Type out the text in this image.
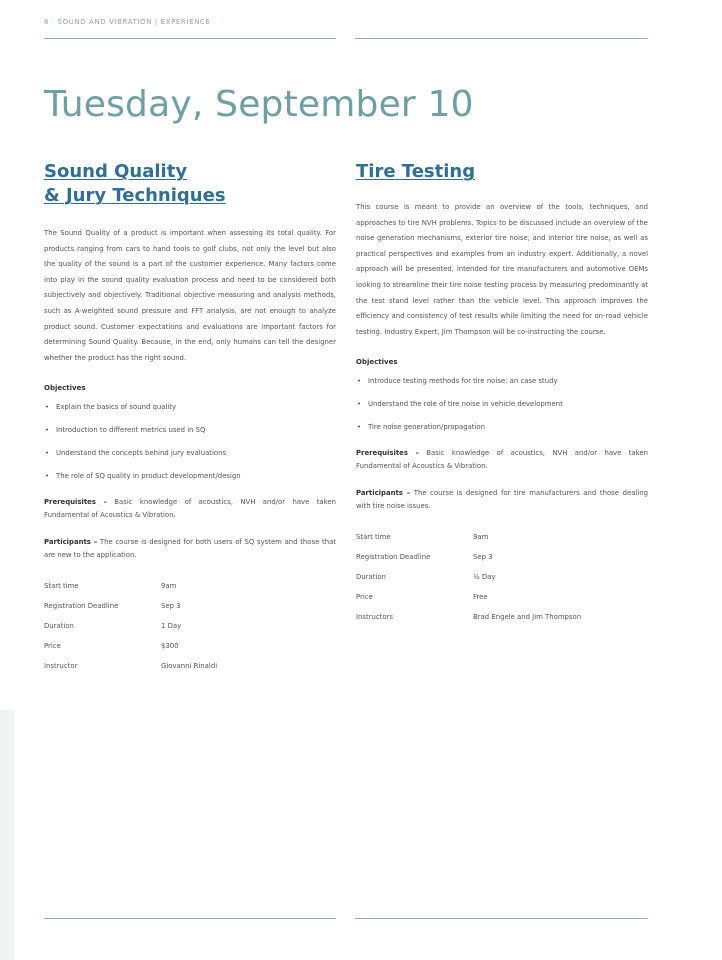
8 · SOUND AND VIBRATION | EXPERIENCE
Tuesday, September 10
Sound Quality
& Jury Techniques

The Sound Quality of a product is important when assessing its total quality. For products ranging from cars to hand tools to golf clubs, not only the level but also the quality of the sound is a part of the customer experience. Many factors come into play in the sound quality evaluation process and need to be considered both subjectively and objectively. Traditional objective measuring and analysis methods, such as A-weighted sound pressure and FFT analysis, are not enough to analyze product sound. Customer expectations and evaluations are important factors for determining Sound Quality. Because, in the end, only humans can tell the designer whether the product has the right sound.

Objectives
• Explain the basics of sound quality
• Introduction to different metrics used in SQ
• Understand the concepts behind jury evaluations
• The role of SQ quality in product development/design

Prerequisites – Basic knowledge of acoustics, NVH and/or have taken Fundamental of Acoustics & Vibration.

Participants – The course is designed for both users of SQ system and those that are new to the application.

Start time	9am
Registration Deadline	Sep 3
Duration	1 Day
Price	$300
Instructor	Giovanni Rinaldi
Tire Testing

This course is meant to provide an overview of the tools, techniques, and approaches to tire NVH problems. Topics to be discussed include an overview of the noise generation mechanisms, exterior tire noise, and interior tire noise, as well as practical perspectives and examples from an industry expert. Additionally, a novel approach will be presented, intended for tire manufacturers and automotive OEMs looking to streamline their tire noise testing process by measuring predominantly at the test stand level rather than the vehicle level. This approach improves the efficiency and consistency of test results while limiting the need for on-road vehicle testing. Industry Expert, Jim Thompson will be co-instructing the course.

Objectives
• Introduce testing methods for tire noise: an case study
• Understand the role of tire noise in vehicle development
• Tire noise generation/propagation

Prerequisites – Basic knowledge of acoustics, NVH and/or have taken Fundamental of Acoustics & Vibration.

Participants – The course is designed for tire manufacturers and those dealing with tire noise issues.

Start time	9am
Registration Deadline	Sep 3
Duration	½ Day
Price	Free
Instructors	Brad Engele and Jim Thompson
